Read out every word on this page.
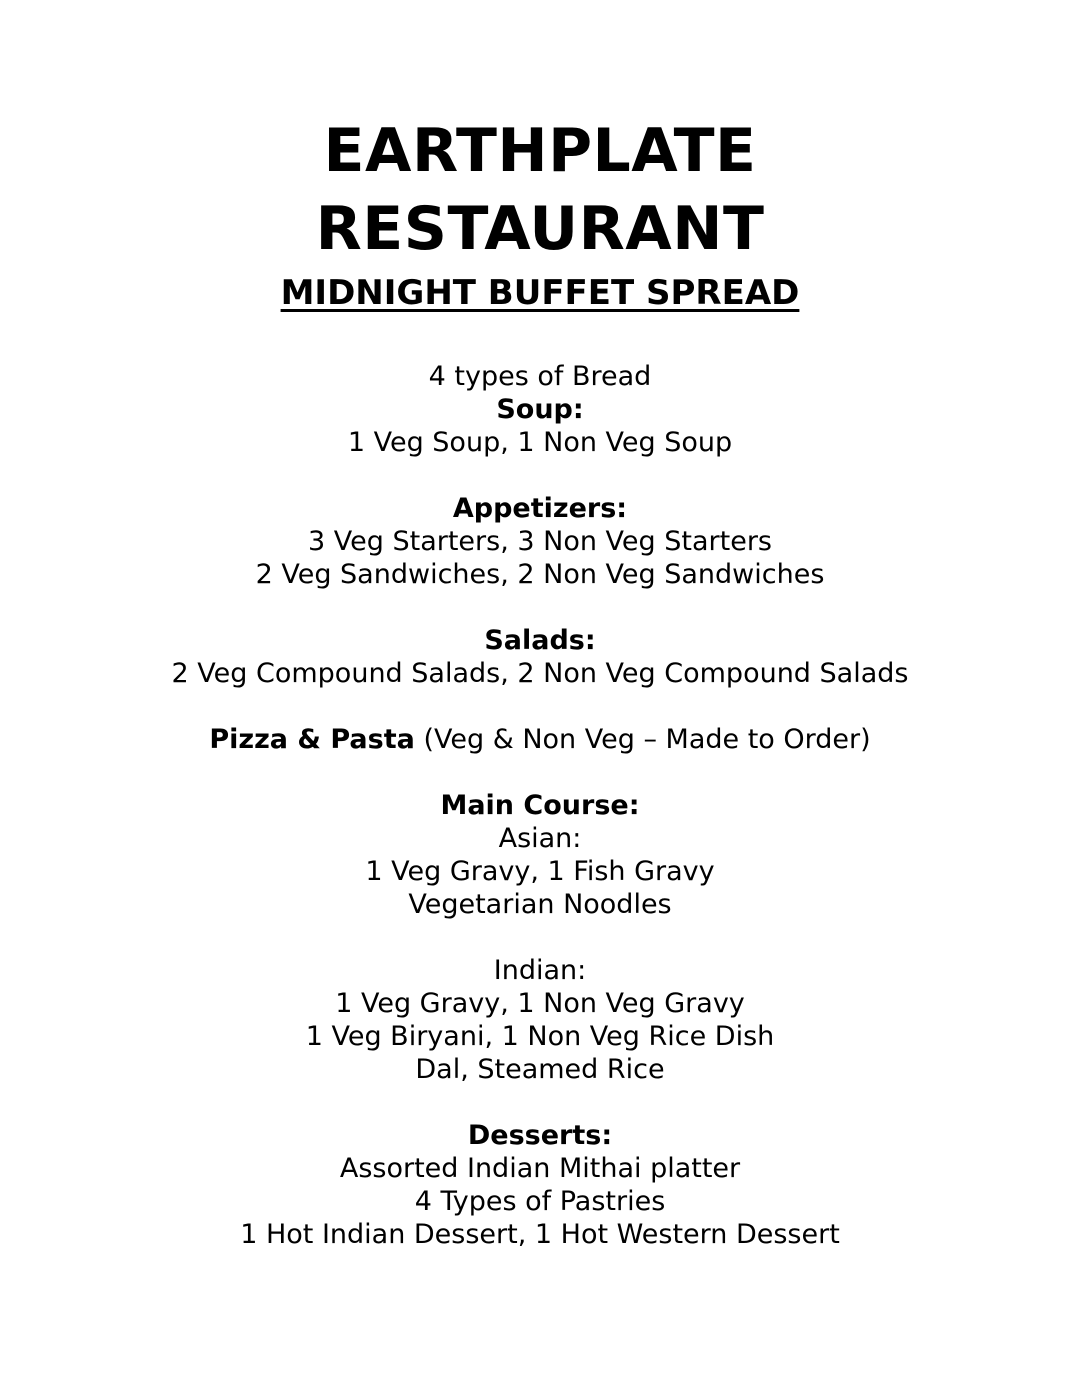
EARTHPLATE
RESTAURANT
MIDNIGHT BUFFET SPREAD

4 types of Bread

Soup:

1 Veg Soup, 1 Non Veg Soup

Appetizers:

3 Veg Starters, 3 Non Veg Starters

2 Veg Sandwiches, 2 Non Veg Sandwiches

Salads:

2 Veg Compound Salads, 2 Non Veg Compound Salads

Pizza & Pasta (Veg & Non Veg – Made to Order)

Main Course:

Asian:

1 Veg Gravy, 1 Fish Gravy

Vegetarian Noodles

Indian:

1 Veg Gravy, 1 Non Veg Gravy

1 Veg Biryani, 1 Non Veg Rice Dish

Dal, Steamed Rice

Desserts:

Assorted Indian Mithai platter

4 Types of Pastries

1 Hot Indian Dessert, 1 Hot Western Dessert
